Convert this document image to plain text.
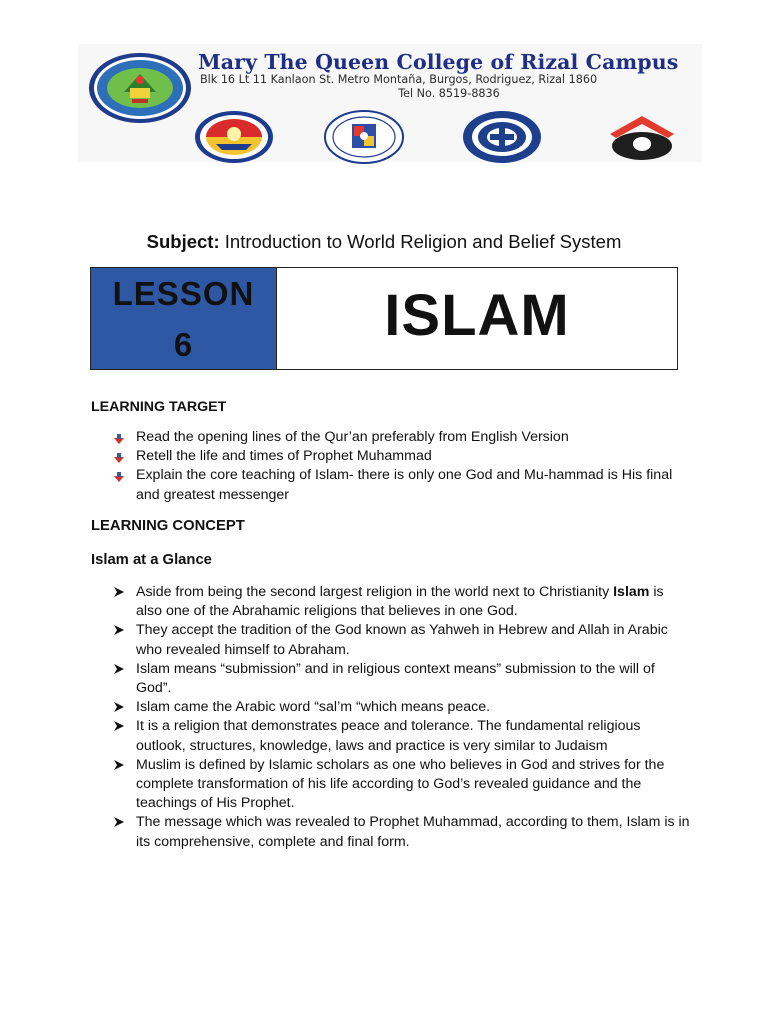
Mary The Queen College of Rizal Campus
Blk 16 Lt 11 Kanlaon St. Metro Montaña, Burgos, Rodriguez, Rizal 1860
Tel No. 8519-8836
Subject: Introduction to World Religion and Belief System
LESSON
6	ISLAM
LEARNING TARGET
Read the opening lines of the Qur’an preferably from English Version
Retell the life and times of Prophet Muhammad
Explain the core teaching of Islam- there is only one God and Mu-hammad is His final and greatest messenger
LEARNING CONCEPT
Islam at a Glance
Aside from being the second largest religion in the world next to Christianity Islam is also one of the Abrahamic religions that believes in one God.
They accept the tradition of the God known as Yahweh in Hebrew and Allah in Arabic who revealed himself to Abraham.
Islam means “submission” and in religious context means” submission to the will of God”.
Islam came the Arabic word “sal’m “which means peace.
It is a religion that demonstrates peace and tolerance. The fundamental religious outlook, structures, knowledge, laws and practice is very similar to Judaism
Muslim is defined by Islamic scholars as one who believes in God and strives for the complete transformation of his life according to God’s revealed guidance and the teachings of His Prophet.
The message which was revealed to Prophet Muhammad, according to them, Islam is in its comprehensive, complete and final form.
